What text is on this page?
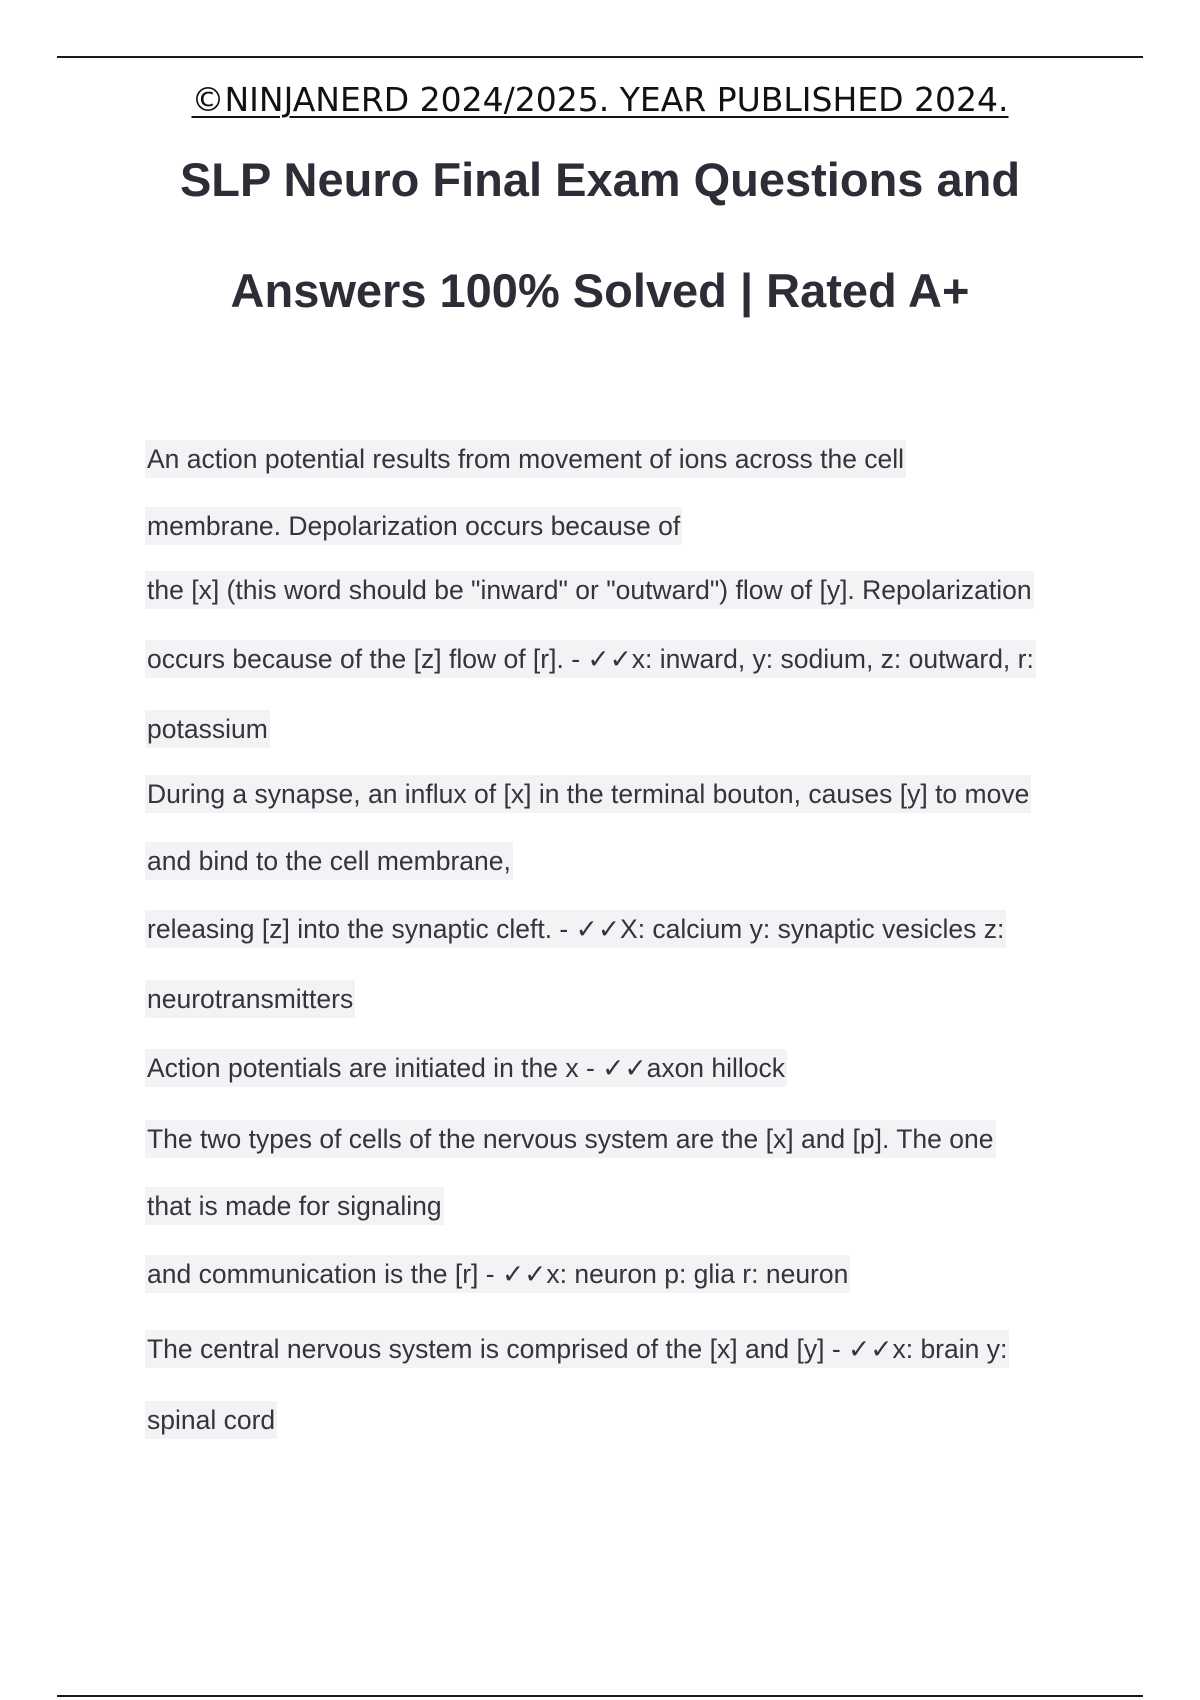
©NINJANERD 2024/2025. YEAR PUBLISHED 2024.
SLP Neuro Final Exam Questions and
Answers 100% Solved | Rated A+
An action potential results from movement of ions across the cell
membrane. Depolarization occurs because of
the [x] (this word should be "inward" or "outward") flow of [y]. Repolarization
occurs because of the [z] flow of [r]. - ✓✓x: inward, y: sodium, z: outward, r:
potassium
During a synapse, an influx of [x] in the terminal bouton, causes [y] to move
and bind to the cell membrane,
releasing [z] into the synaptic cleft. - ✓✓X: calcium y: synaptic vesicles z:
neurotransmitters
Action potentials are initiated in the x - ✓✓axon hillock
The two types of cells of the nervous system are the [x] and [p]. The one
that is made for signaling
and communication is the [r] - ✓✓x: neuron p: glia r: neuron
The central nervous system is comprised of the [x] and [y] - ✓✓x: brain y:
spinal cord
